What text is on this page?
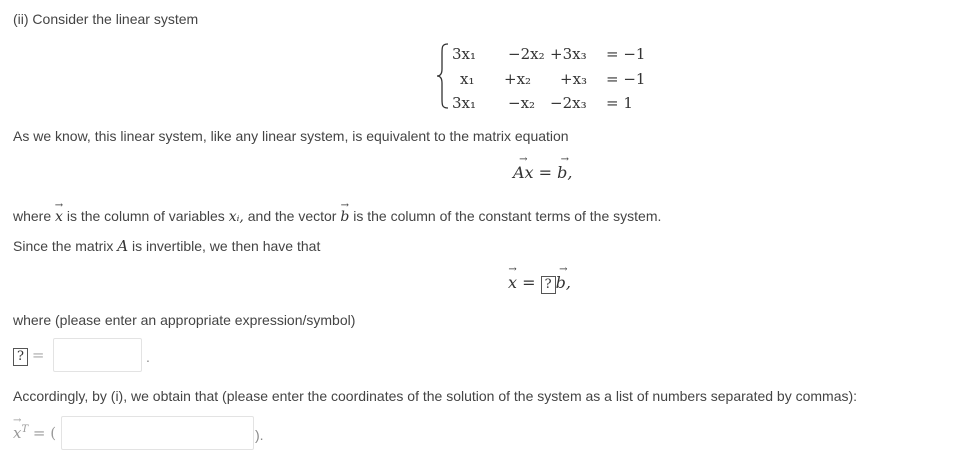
(ii) Consider the linear system
3x₁ −2x₂ +3x₃ = −1
x₁ +x₂ +x₃ = −1
3x₁ −x₂ −2x₃ = 1
As we know, this linear system, like any linear system, is equivalent to the matrix equation
→ Ax = → b,
where → x is the column of variables xᵢ, and the vector → b is the column of the constant terms of the system.
Since the matrix A is invertible, we then have that
→ x = ? → b,
where (please enter an appropriate expression/symbol)
? =	.
Accordingly, by (i), we obtain that (please enter the coordinates of the solution of the system as a list of numbers separated by commas):
→ $x^T$ = (	).
